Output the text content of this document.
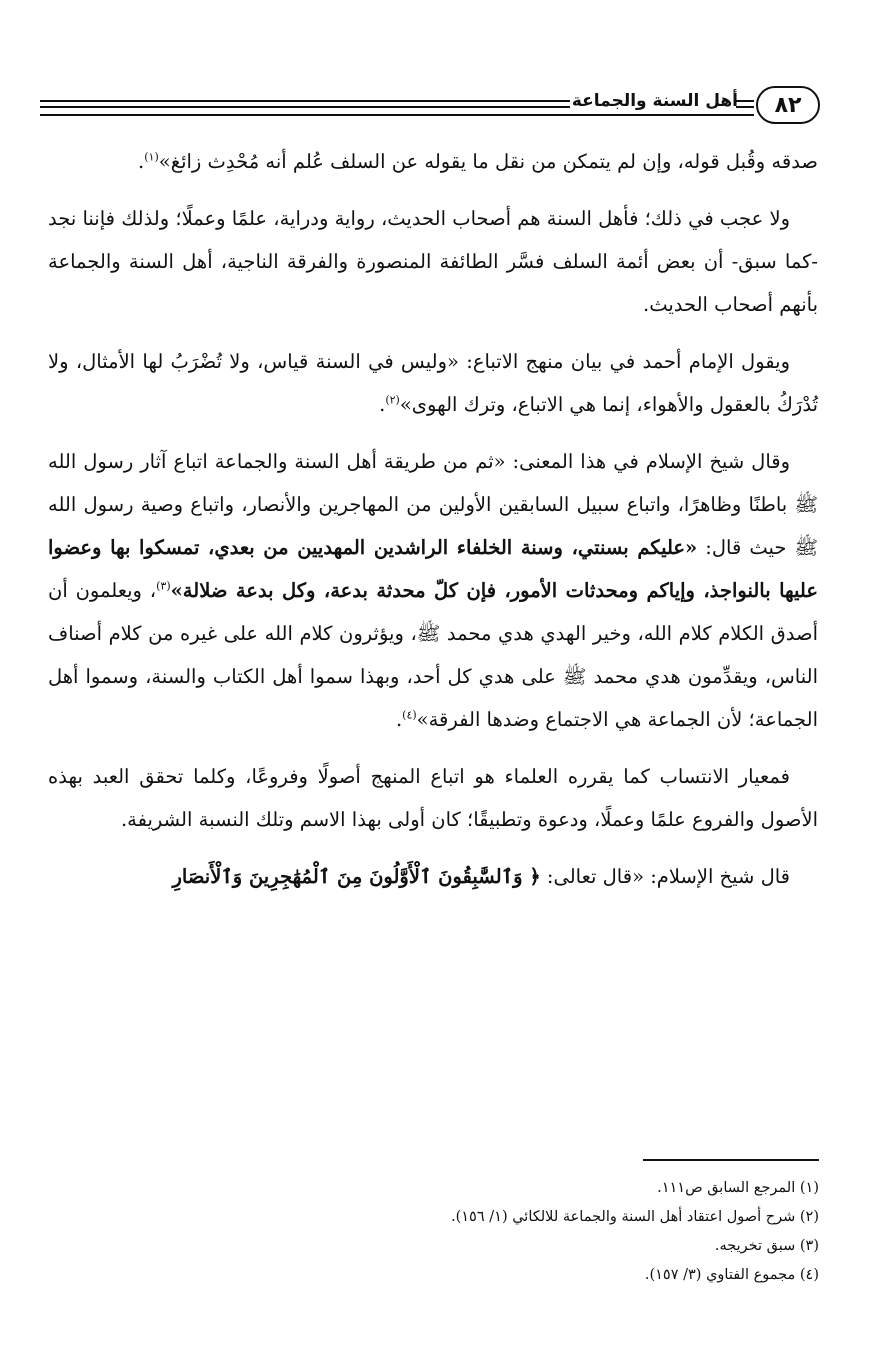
٨٢
أهل السنة والجماعة

صدقه وقُبل قوله، وإن لم يتمكن من نقل ما يقوله عن السلف عُلم أنه مُحْدِث زائغ»$^{(١)}$.

ولا عجب في ذلك؛ فأهل السنة هم أصحاب الحديث، رواية ودراية، علمًا وعملًا؛ ولذلك فإننا نجد -كما سبق- أن بعض أئمة السلف فسَّر الطائفة المنصورة والفرقة الناجية، أهل السنة والجماعة بأنهم أصحاب الحديث.

ويقول الإمام أحمد في بيان منهج الاتباع: «وليس في السنة قياس، ولا تُضْرَبُ لها الأمثال، ولا تُدْرَكُ بالعقول والأهواء، إنما هي الاتباع، وترك الهوى»$^{(٢)}$.

وقال شيخ الإسلام في هذا المعنى: «ثم من طريقة أهل السنة والجماعة اتباع آثار رسول الله ﷺ باطنًا وظاهرًا، واتباع سبيل السابقين الأولين من المهاجرين والأنصار، واتباع وصية رسول الله ﷺ حيث قال: «عليكم بسنتي، وسنة الخلفاء الراشدين المهديين من بعدي، تمسكوا بها وعضوا عليها بالنواجذ، وإياكم ومحدثات الأمور، فإن كلّ محدثة بدعة، وكل بدعة ضلالة»$^{(٣)}$، ويعلمون أن أصدق الكلام كلام الله، وخير الهدي هدي محمد ﷺ، ويؤثرون كلام الله على غيره من كلام أصناف الناس، ويقدِّمون هدي محمد ﷺ على هدي كل أحد، وبهذا سموا أهل الكتاب والسنة، وسموا أهل الجماعة؛ لأن الجماعة هي الاجتماع وضدها الفرقة»$^{(٤)}$.

فمعيار الانتساب كما يقرره العلماء هو اتباع المنهج أصولًا وفروعًا، وكلما تحقق العبد بهذه الأصول والفروع علمًا وعملًا، ودعوة وتطبيقًا؛ كان أولى بهذا الاسم وتلك النسبة الشريفة.

قال شيخ الإسلام: «قال تعالى: ﴿ وَٱلسَّٰبِقُونَ ٱلْأَوَّلُونَ مِنَ ٱلْمُهَٰجِرِينَ وَٱلْأَنصَارِ

(١) المرجع السابق ص١١١.
(٢) شرح أصول اعتقاد أهل السنة والجماعة للالكائي (١/ ١٥٦).
(٣) سبق تخريجه.
(٤) مجموع الفتاوي (٣/ ١٥٧).
